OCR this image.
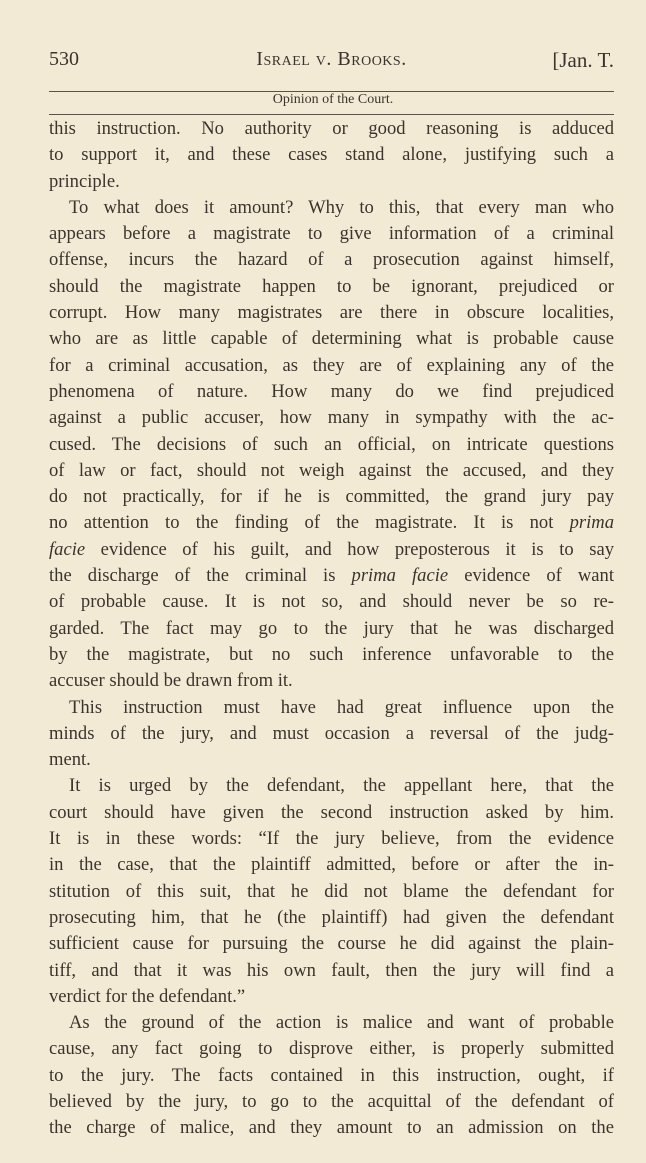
530	Israel v. Brooks.	[Jan. T.
Opinion of the Court.
this instruction. No authority or good reasoning is adduced
to support it, and these cases stand alone, justifying such a
principle.
To what does it amount? Why to this, that every man who
appears before a magistrate to give information of a criminal
offense, incurs the hazard of a prosecution against himself,
should the magistrate happen to be ignorant, prejudiced or
corrupt. How many magistrates are there in obscure localities,
who are as little capable of determining what is probable cause
for a criminal accusation, as they are of explaining any of the
phenomena of nature. How many do we find prejudiced
against a public accuser, how many in sympathy with the ac-
cused. The decisions of such an official, on intricate questions
of law or fact, should not weigh against the accused, and they
do not practically, for if he is committed, the grand jury pay
no attention to the finding of the magistrate. It is not prima
facie evidence of his guilt, and how preposterous it is to say
the discharge of the criminal is prima facie evidence of want
of probable cause. It is not so, and should never be so re-
garded. The fact may go to the jury that he was discharged
by the magistrate, but no such inference unfavorable to the
accuser should be drawn from it.
This instruction must have had great influence upon the
minds of the jury, and must occasion a reversal of the judg-
ment.
It is urged by the defendant, the appellant here, that the
court should have given the second instruction asked by him.
It is in these words: “If the jury believe, from the evidence
in the case, that the plaintiff admitted, before or after the in-
stitution of this suit, that he did not blame the defendant for
prosecuting him, that he (the plaintiff) had given the defendant
sufficient cause for pursuing the course he did against the plain-
tiff, and that it was his own fault, then the jury will find a
verdict for the defendant.”
As the ground of the action is malice and want of probable
cause, any fact going to disprove either, is properly submitted
to the jury. The facts contained in this instruction, ought, if
believed by the jury, to go to the acquittal of the defendant of
the charge of malice, and they amount to an admission on the
